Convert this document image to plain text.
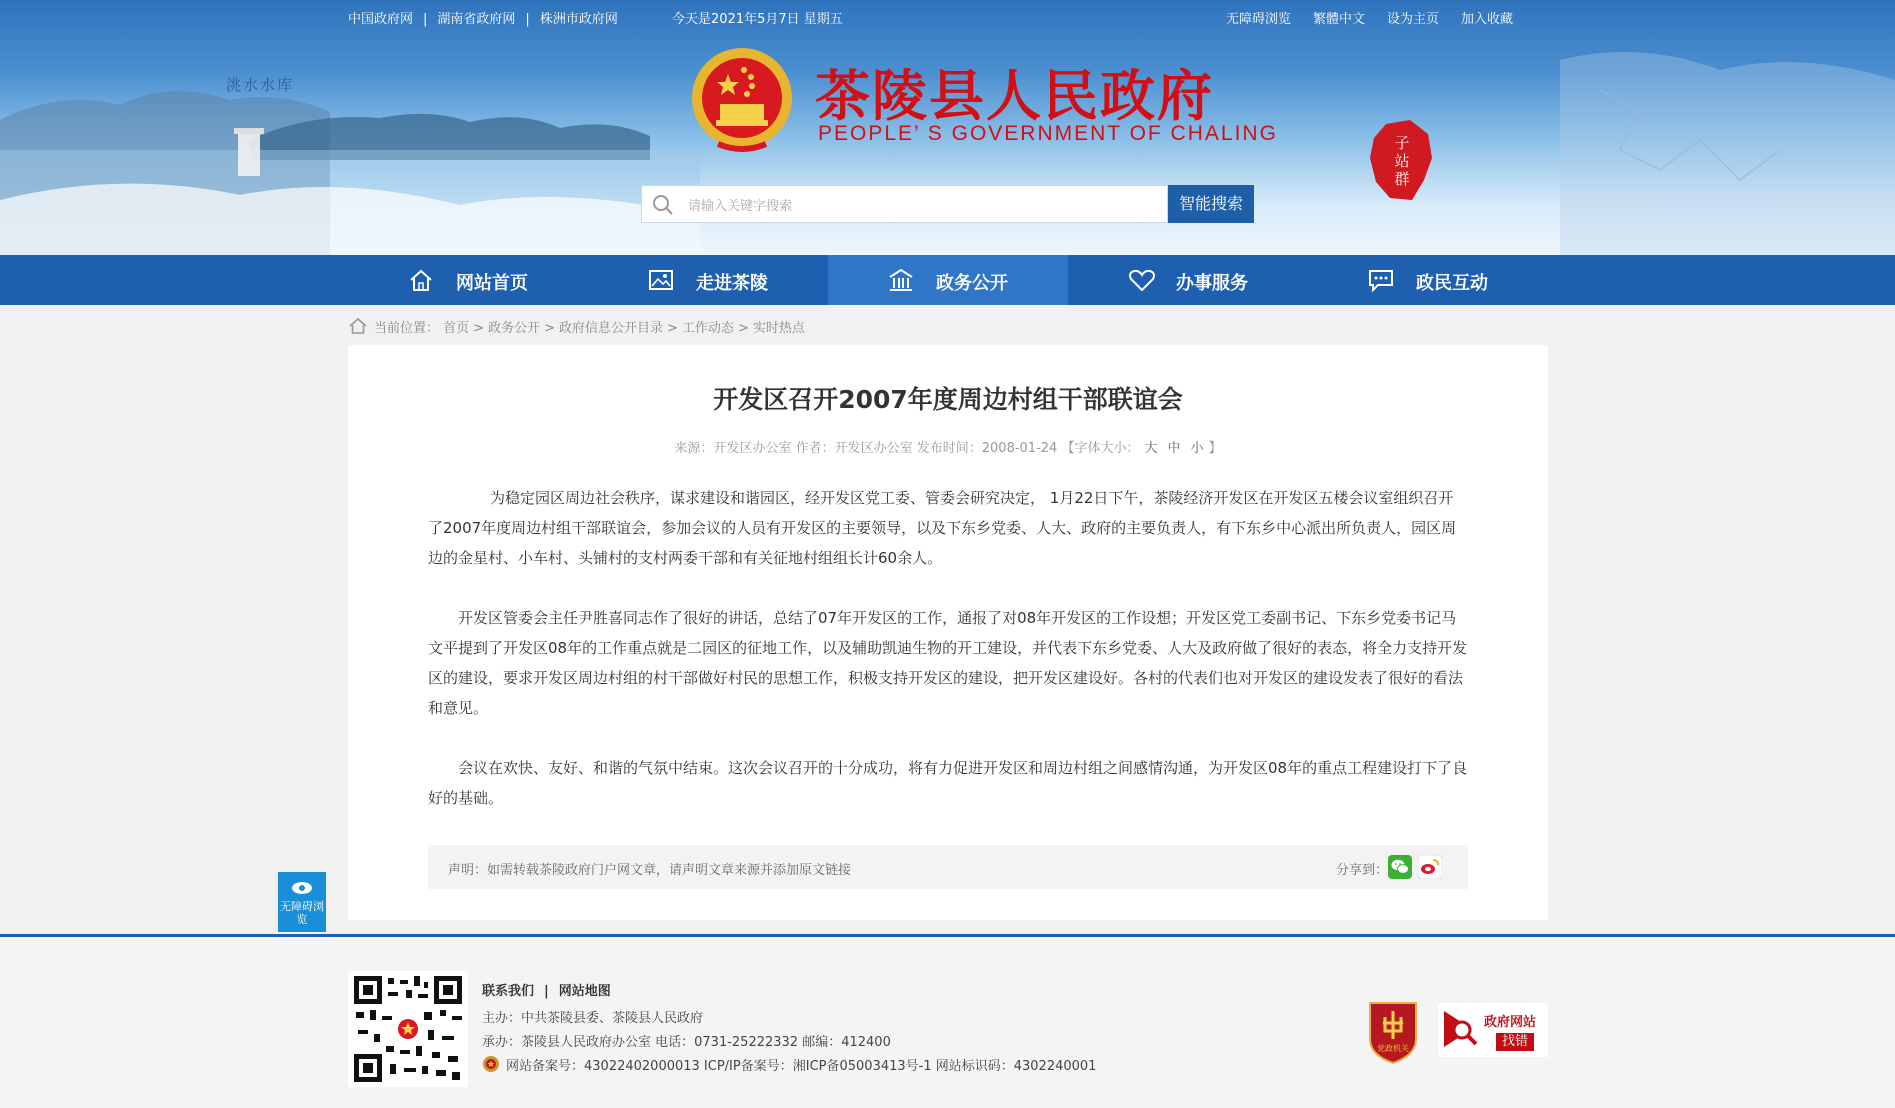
中国政府网 | 湖南省政府网 | 株洲市政府网	今天是2021年5月7日 星期五	无障碍浏览 繁體中文 设为主页 加入收藏
洮水水库	茶陵县人民政府
PEOPLE’ S GOVERNMENT OF CHALING
请输入关键字搜索
智能搜索
子站群
网站首页	走进茶陵	政务公开	办事服务	政民互动
当前位置： 首页 > 政务公开 > 政府信息公开目录 > 工作动态 > 实时热点
开发区召开2007年度周边村组干部联谊会
来源：开发区办公室 作者：开发区办公室 发布时间：2008-01-24 【字体大小： 大 中 小 】

为稳定园区周边社会秩序，谋求建设和谐园区，经开发区党工委、管委会研究决定， 1月22日下午，茶陵经济开发区在开发区五楼会议室组织召开了2007年度周边村组干部联谊会，参加会议的人员有开发区的主要领导，以及下东乡党委、人大、政府的主要负责人，有下东乡中心派出所负责人，园区周边的金星村、小车村、头铺村的支村两委干部和有关征地村组组长计60余人。

开发区管委会主任尹胜喜同志作了很好的讲话，总结了07年开发区的工作，通报了对08年开发区的工作设想；开发区党工委副书记、下东乡党委书记马文平提到了开发区08年的工作重点就是二园区的征地工作，以及辅助凯迪生物的开工建设，并代表下东乡党委、人大及政府做了很好的表态，将全力支持开发区的建设，要求开发区周边村组的村干部做好村民的思想工作，积极支持开发区的建设，把开发区建设好。各村的代表们也对开发区的建设发表了很好的看法和意见。

会议在欢快、友好、和谐的气氛中结束。这次会议召开的十分成功，将有力促进开发区和周边村组之间感情沟通，为开发区08年的重点工程建设打下了良好的基础。

声明：如需转载茶陵政府门户网文章，请声明文章来源并添加原文链接	分享到：
无障碍浏览
联系我们 | 网站地图
主办：中共茶陵县委、茶陵县人民政府
承办：茶陵县人民政府办公室 电话：0731-25222332 邮编：412400
网站备案号：43022402000013 ICP/IP备案号：湘ICP备05003413号-1 网站标识码：4302240001
党政机关
政府网站
找错
